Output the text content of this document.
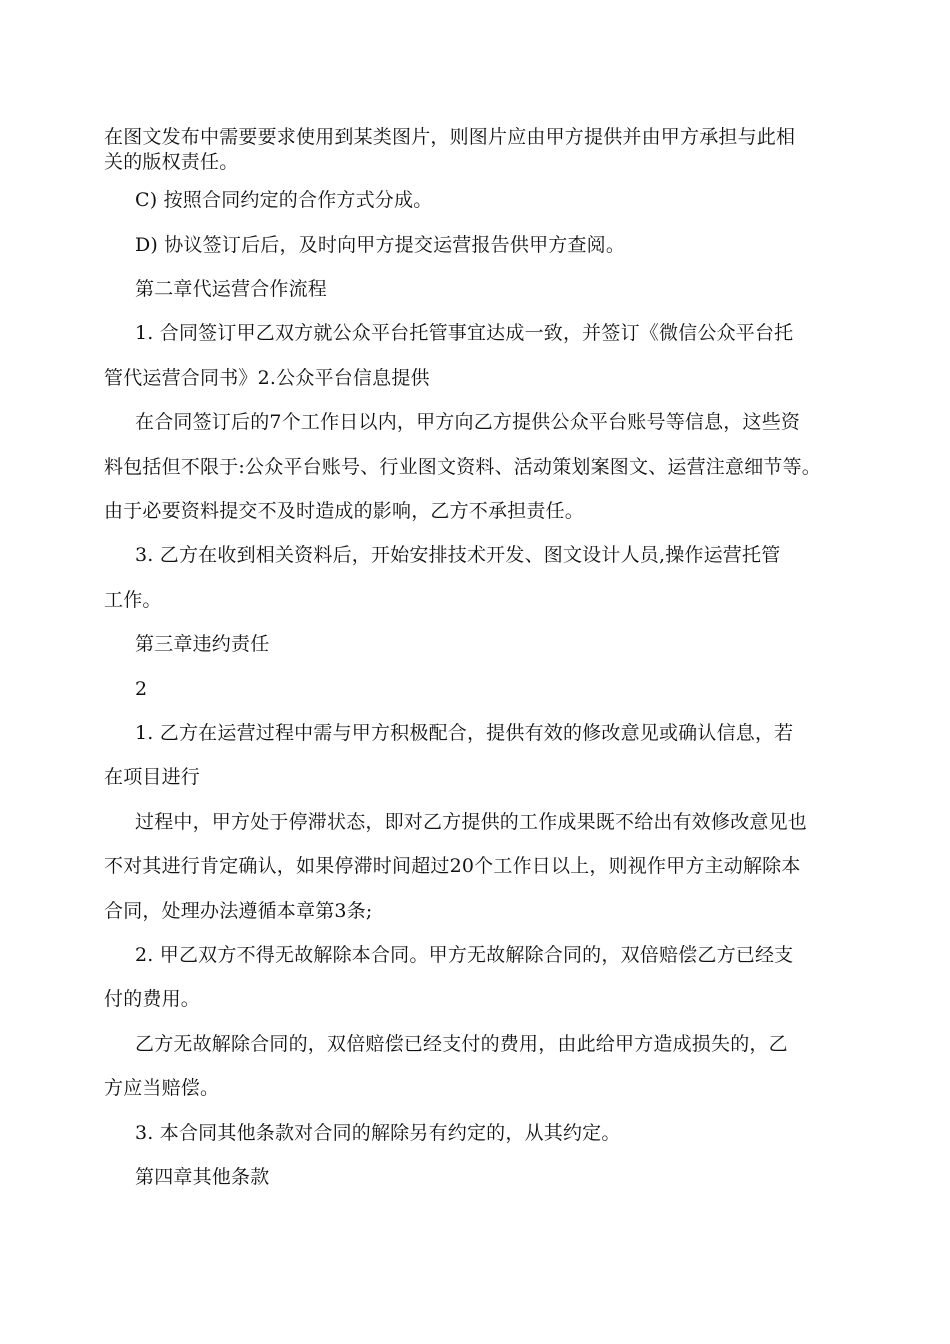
在图文发布中需要要求使用到某类图片，则图片应由甲方提供并由甲方承担与此相
关的版权责任。
C) 按照合同约定的合作方式分成。
D) 协议签订后后，及时向甲方提交运营报告供甲方查阅。
第二章代运营合作流程
1. 合同签订甲乙双方就公众平台托管事宜达成一致，并签订《微信公众平台托
管代运营合同书》2.公众平台信息提供
在合同签订后的7个工作日以内，甲方向乙方提供公众平台账号等信息，这些资
料包括但不限于:公众平台账号、行业图文资料、活动策划案图文、运营注意细节等。
由于必要资料提交不及时造成的影响，乙方不承担责任。
3. 乙方在收到相关资料后，开始安排技术开发、图文设计人员,操作运营托管
工作。
第三章违约责任
2
1. 乙方在运营过程中需与甲方积极配合，提供有效的修改意见或确认信息，若
在项目进行
过程中，甲方处于停滞状态，即对乙方提供的工作成果既不给出有效修改意见也
不对其进行肯定确认，如果停滞时间超过20个工作日以上，则视作甲方主动解除本
合同，处理办法遵循本章第3条;
2. 甲乙双方不得无故解除本合同。甲方无故解除合同的，双倍赔偿乙方已经支
付的费用。
乙方无故解除合同的，双倍赔偿已经支付的费用，由此给甲方造成损失的，乙
方应当赔偿。
3. 本合同其他条款对合同的解除另有约定的，从其约定。
第四章其他条款
